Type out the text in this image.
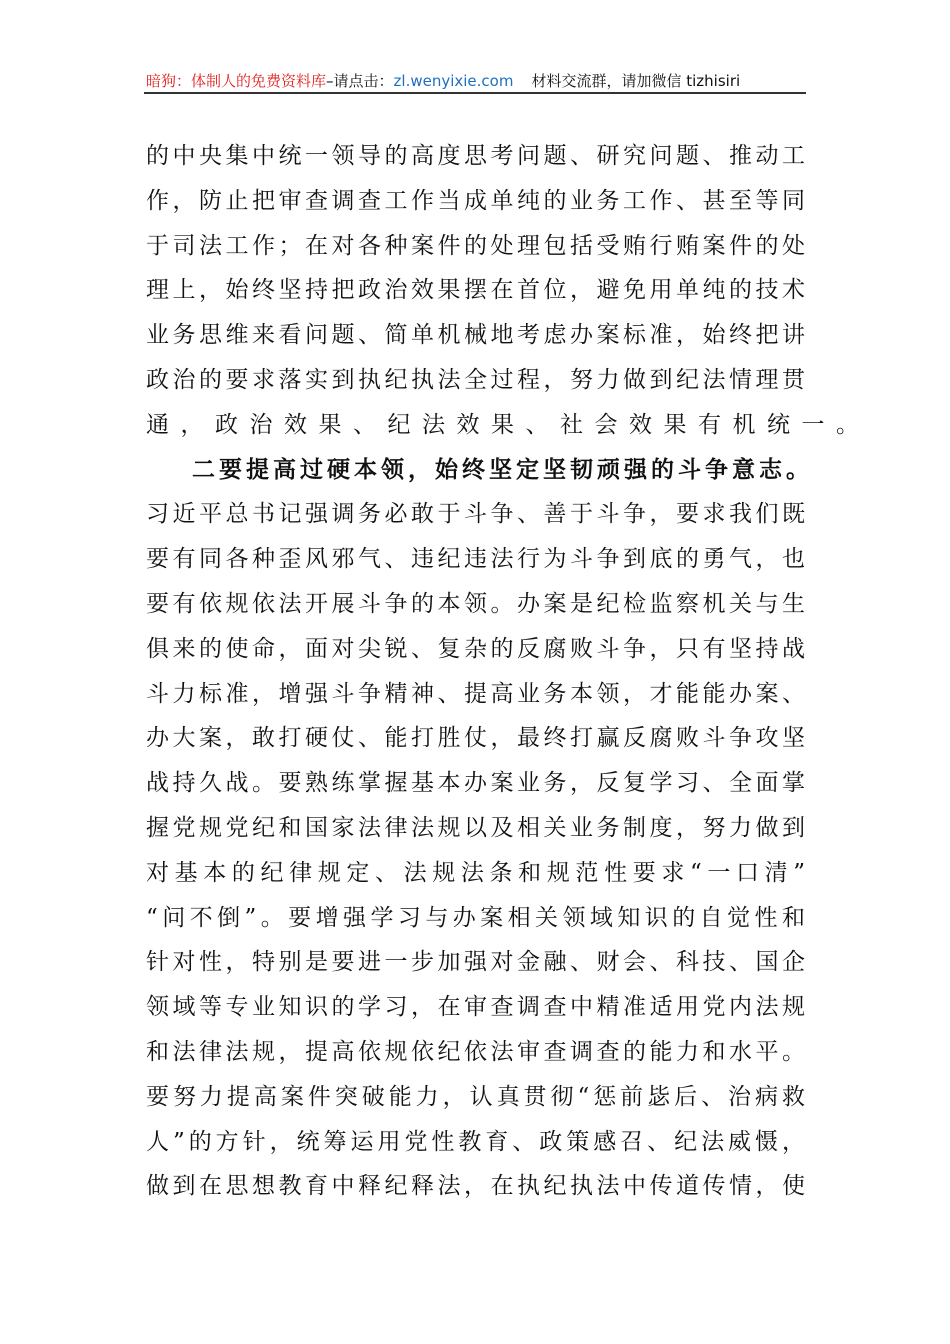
暗狗：体制人的免费资料库 –请点击： zl.wenyixie.com 材料交流群，请加微信 tizhisiri
的中央集中统一领导的高度思考问题、研究问题、推动工
作，防止把审查调查工作当成单纯的业务工作、甚至等同
于司法工作；在对各种案件的处理包括受贿行贿案件的处
理上，始终坚持把政治效果摆在首位，避免用单纯的技术
业务思维来看问题、简单机械地考虑办案标准，始终把讲
政治的要求落实到执纪执法全过程，努力做到纪法情理贯
通，政治效果、纪法效果、社会效果有机统一。
二要提高过硬本领，始终坚定坚韧顽强的斗争意志。
习近平总书记强调务必敢于斗争、善于斗争，要求我们既
要有同各种歪风邪气、违纪违法行为斗争到底的勇气，也
要有依规依法开展斗争的本领。办案是纪检监察机关与生
俱来的使命，面对尖锐、复杂的反腐败斗争，只有坚持战
斗力标准，增强斗争精神、提高业务本领，才能能办案、
办大案，敢打硬仗、能打胜仗，最终打赢反腐败斗争攻坚
战持久战。要熟练掌握基本办案业务，反复学习、全面掌
握党规党纪和国家法律法规以及相关业务制度，努力做到
对基本的纪律规定、法规法条和规范性要求“一口清”
“问不倒”。要增强学习与办案相关领域知识的自觉性和
针对性，特别是要进一步加强对金融、财会、科技、国企
领域等专业知识的学习，在审查调查中精准适用党内法规
和法律法规，提高依规依纪依法审查调查的能力和水平。
要努力提高案件突破能力，认真贯彻“惩前毖后、治病救
人”的方针，统筹运用党性教育、政策感召、纪法威慑，
做到在思想教育中释纪释法，在执纪执法中传道传情，使
